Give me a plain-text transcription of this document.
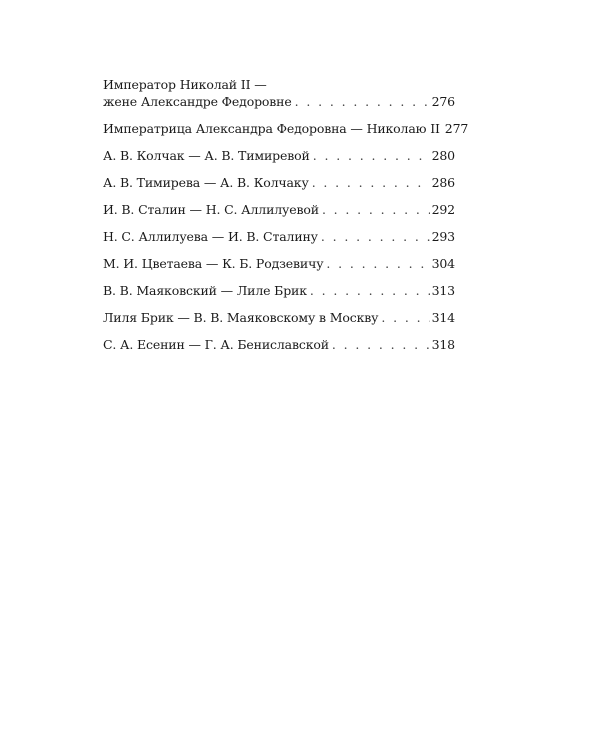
Император Николай II —
жене Александре Федоровне . . .	276
Императрица Александра Федоровна — Николаю II 277
А. В. Колчак — А. В. Тимиревой . . .	280
А. В. Тимирева — А. В. Колчаку . . .	286
И. В. Сталин — Н. С. Аллилуевой . . .	292
Н. С. Аллилуева — И. В. Сталину . . .	293
М. И. Цветаева — К. Б. Родзевичу . . .	304
В. В. Маяковский — Лиле Брик . . .	313
Лиля Брик — В. В. Маяковскому в Москву . . .	314
С. А. Есенин — Г. А. Бениславской . . .	318
